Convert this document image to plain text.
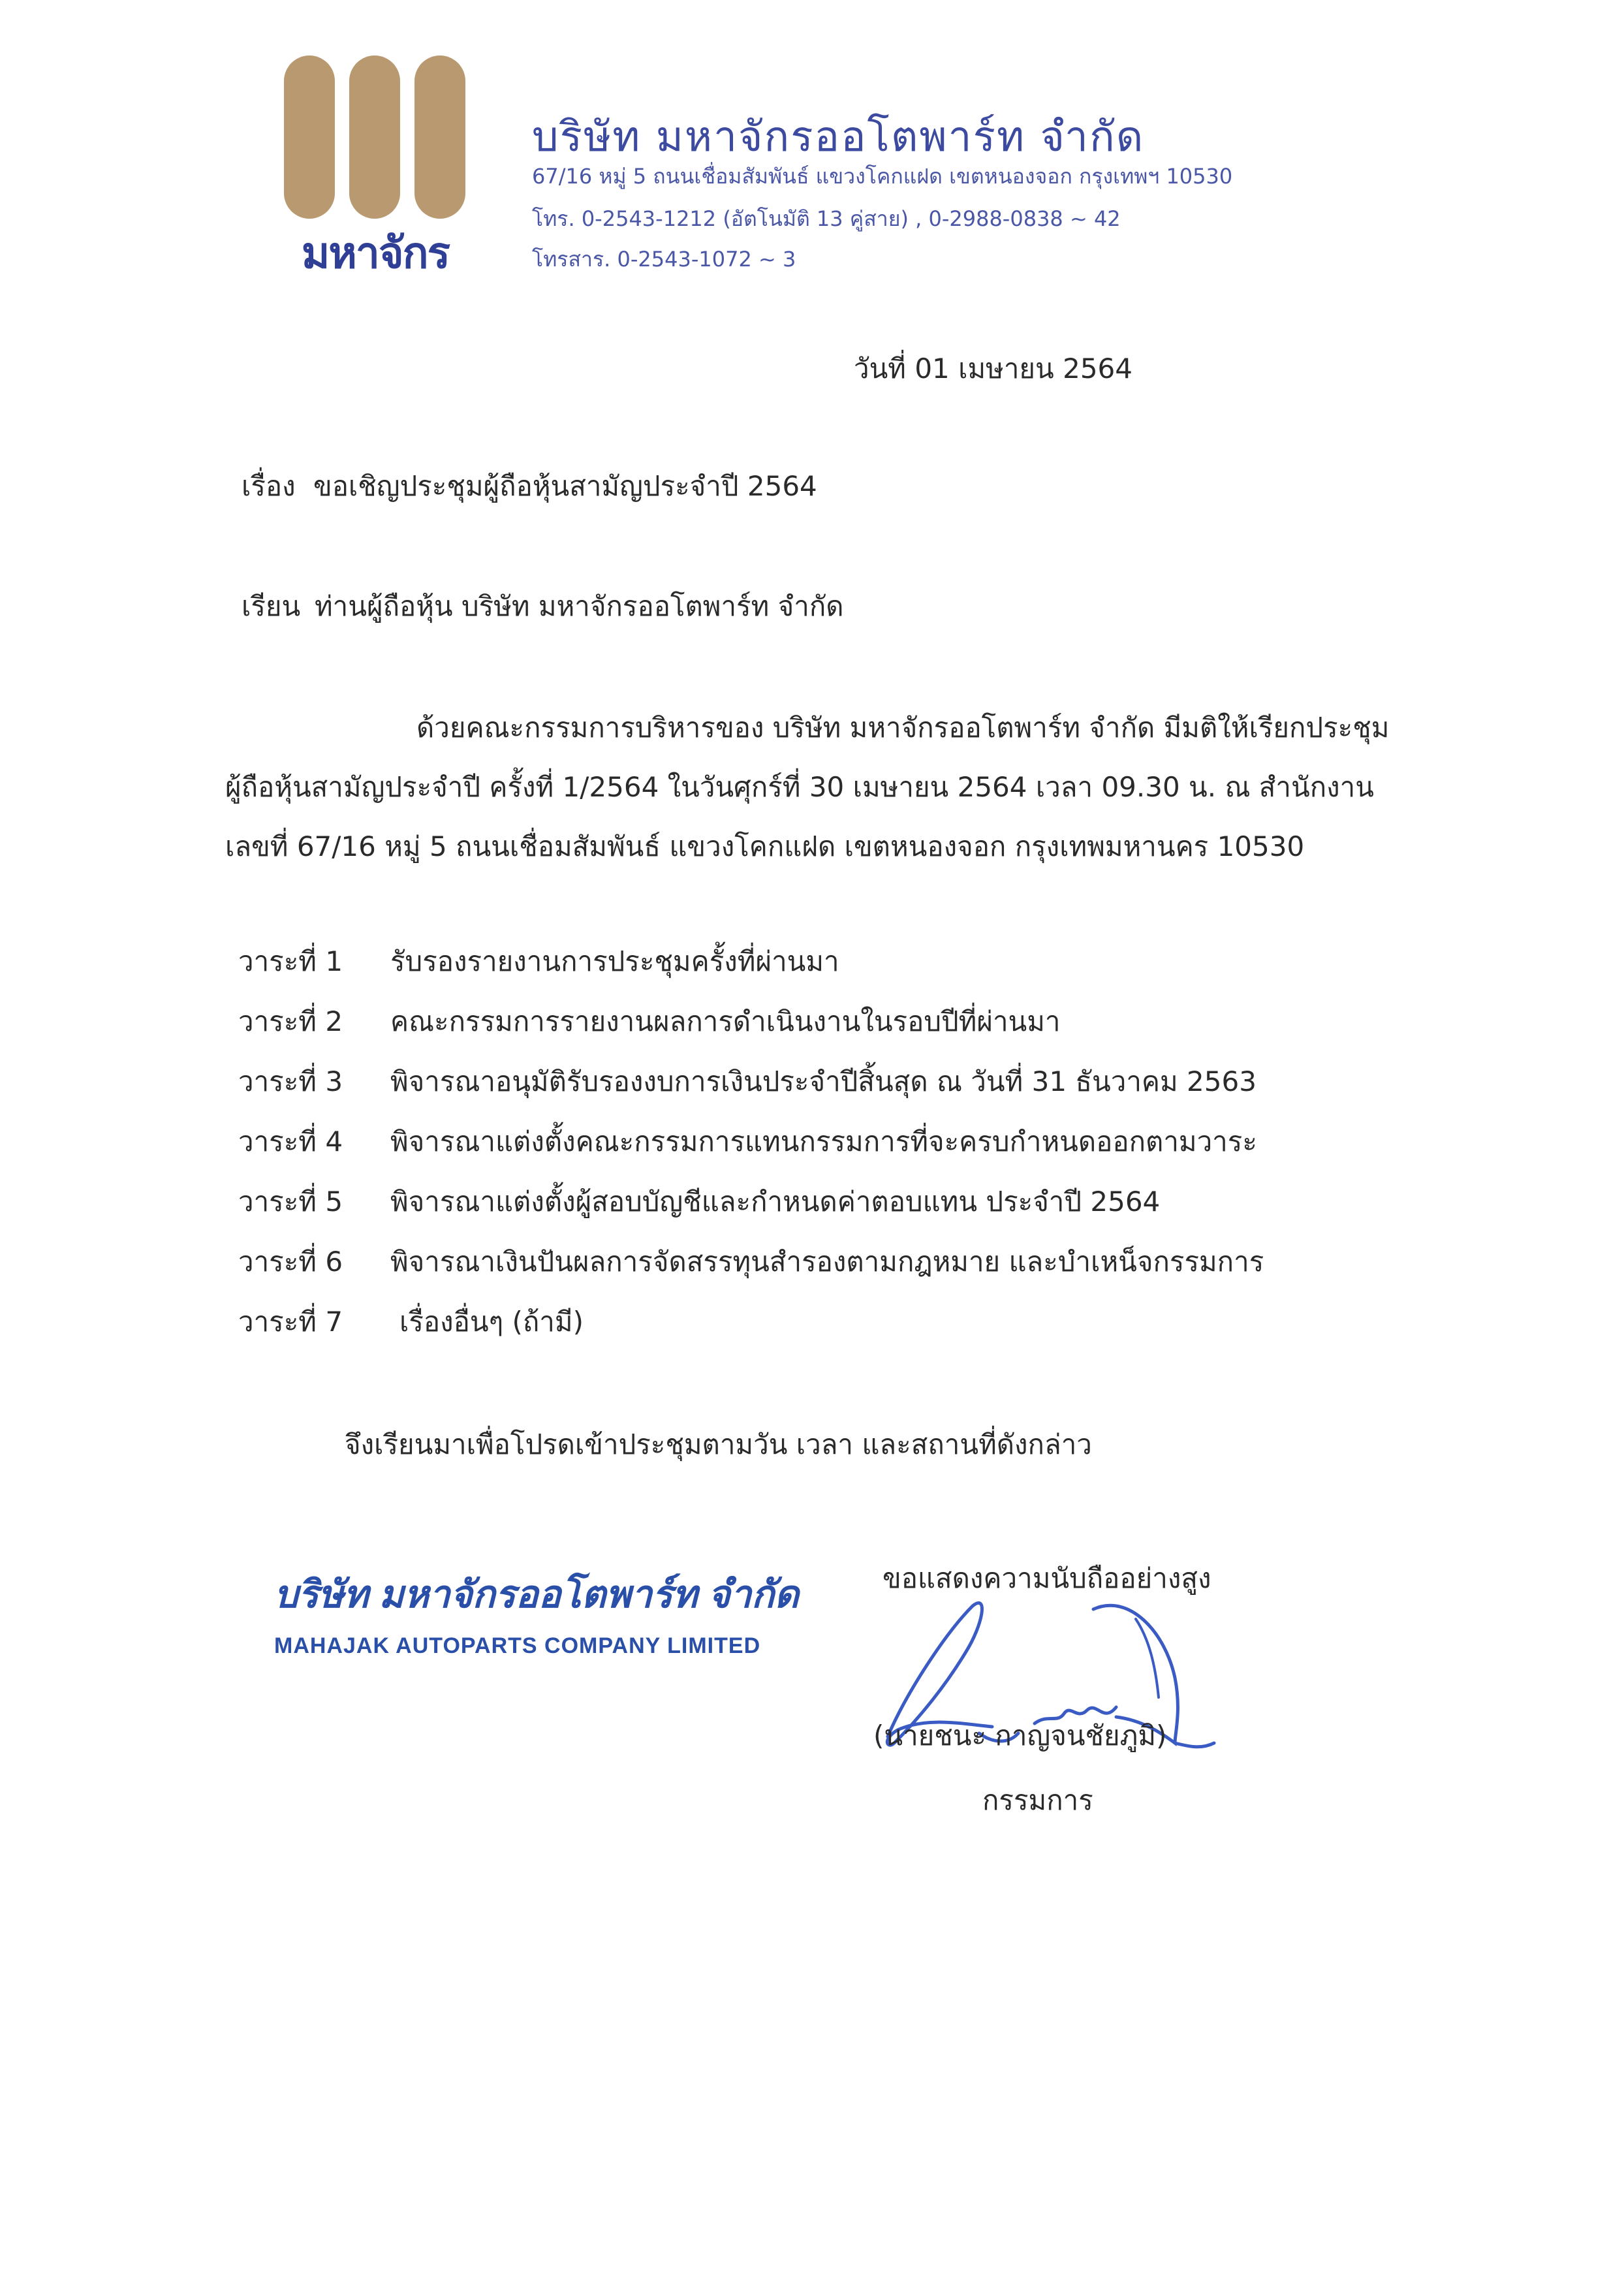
มหาจักร
บริษัท มหาจักรออโตพาร์ท จำกัด
67/16 หมู่ 5 ถนนเชื่อมสัมพันธ์ แขวงโคกแฝด เขตหนองจอก กรุงเทพฯ 10530
โทร. 0-2543-1212 (อัตโนมัติ 13 คู่สาย) , 0-2988-0838 ~ 42
โทรสาร. 0-2543-1072 ~ 3
วันที่ 01 เมษายน 2564
เรื่อง ขอเชิญประชุมผู้ถือหุ้นสามัญประจำปี 2564
เรียน ท่านผู้ถือหุ้น บริษัท มหาจักรออโตพาร์ท จำกัด
ด้วยคณะกรรมการบริหารของ บริษัท มหาจักรออโตพาร์ท จำกัด มีมติให้เรียกประชุม
ผู้ถือหุ้นสามัญประจำปี ครั้งที่ 1/2564 ในวันศุกร์ที่ 30 เมษายน 2564 เวลา 09.30 น. ณ สำนักงาน
เลขที่ 67/16 หมู่ 5 ถนนเชื่อมสัมพันธ์ แขวงโคกแฝด เขตหนองจอก กรุงเทพมหานคร 10530
วาระที่ 1 รับรองรายงานการประชุมครั้งที่ผ่านมา
วาระที่ 2 คณะกรรมการรายงานผลการดำเนินงานในรอบปีที่ผ่านมา
วาระที่ 3 พิจารณาอนุมัติรับรองงบการเงินประจำปีสิ้นสุด ณ วันที่ 31 ธันวาคม 2563
วาระที่ 4 พิจารณาแต่งตั้งคณะกรรมการแทนกรรมการที่จะครบกำหนดออกตามวาระ
วาระที่ 5 พิจารณาแต่งตั้งผู้สอบบัญชีและกำหนดค่าตอบแทน ประจำปี 2564
วาระที่ 6 พิจารณาเงินปันผลการจัดสรรทุนสำรองตามกฎหมาย และบำเหน็จกรรมการ
วาระที่ 7 เรื่องอื่นๆ (ถ้ามี)
จึงเรียนมาเพื่อโปรดเข้าประชุมตามวัน เวลา และสถานที่ดังกล่าว
บริษัท มหาจักรออโตพาร์ท จำกัด
MAHAJAK AUTOPARTS COMPANY LIMITED
ขอแสดงความนับถืออย่างสูง
(นายชนะ กาญจนชัยภูมิ)
กรรมการ
